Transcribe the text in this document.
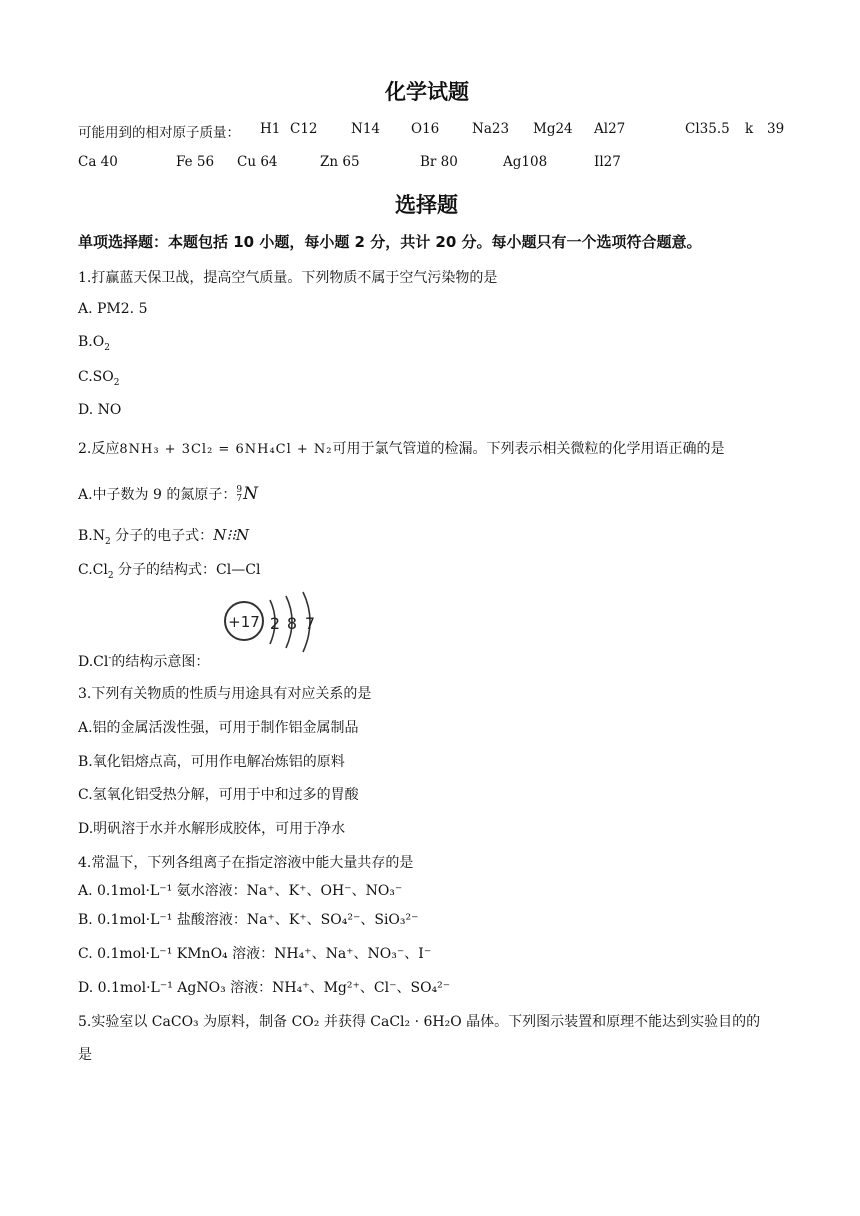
化学试题
可能用到的相对原子质量： H1 C12 N14 O16 Na23 Mg24 Al27	Cl35.5 k 39
Ca 40	Fe 56 Cu 64	Zn 65	Br 80	Ag108	Il27
选择题
单项选择题：本题包括 10 小题，每小题 2 分，共计 20 分。每小题只有一个选项符合题意。
1.打赢蓝天保卫战，提高空气质量。下列物质不属于空气污染物的是
A. PM2. 5
$B.O_2$
$C.SO_2$
D. NO
2.反应8NH₃ + 3Cl₂ = 6NH₄Cl + N₂可用于氯气管道的检漏。下列表示相关微粒的化学用语正确的是
A.中子数为 9 的氮原子： 9
7 N
$B.N_2$ 分子的电子式：N⁝⁝N
$C.Cl_2$ 分子的结构式：Cl—Cl
D.Cl-的结构示意图：
+17 2 8 7
3.下列有关物质的性质与用途具有对应关系的是
A.铝的金属活泼性强，可用于制作铝金属制品
B.氧化铝熔点高，可用作电解冶炼铝的原料
C.氢氧化铝受热分解，可用于中和过多的胃酸
D.明矾溶于水并水解形成胶体，可用于净水
4.常温下，下列各组离子在指定溶液中能大量共存的是
A. 0.1mol·L⁻¹ 氨水溶液：Na⁺、K⁺、OH⁻、NO₃⁻
B. 0.1mol·L⁻¹ 盐酸溶液：Na⁺、K⁺、SO₄²⁻、SiO₃²⁻
C. 0.1mol·L⁻¹ KMnO₄ 溶液：NH₄⁺、Na⁺、NO₃⁻、I⁻
D. 0.1mol·L⁻¹ AgNO₃ 溶液：NH₄⁺、Mg²⁺、Cl⁻、SO₄²⁻
5.实验室以 CaCO₃ 为原料，制备 CO₂ 并获得 CaCl₂ · 6H₂O 晶体。下列图示装置和原理不能达到实验目的的
是
